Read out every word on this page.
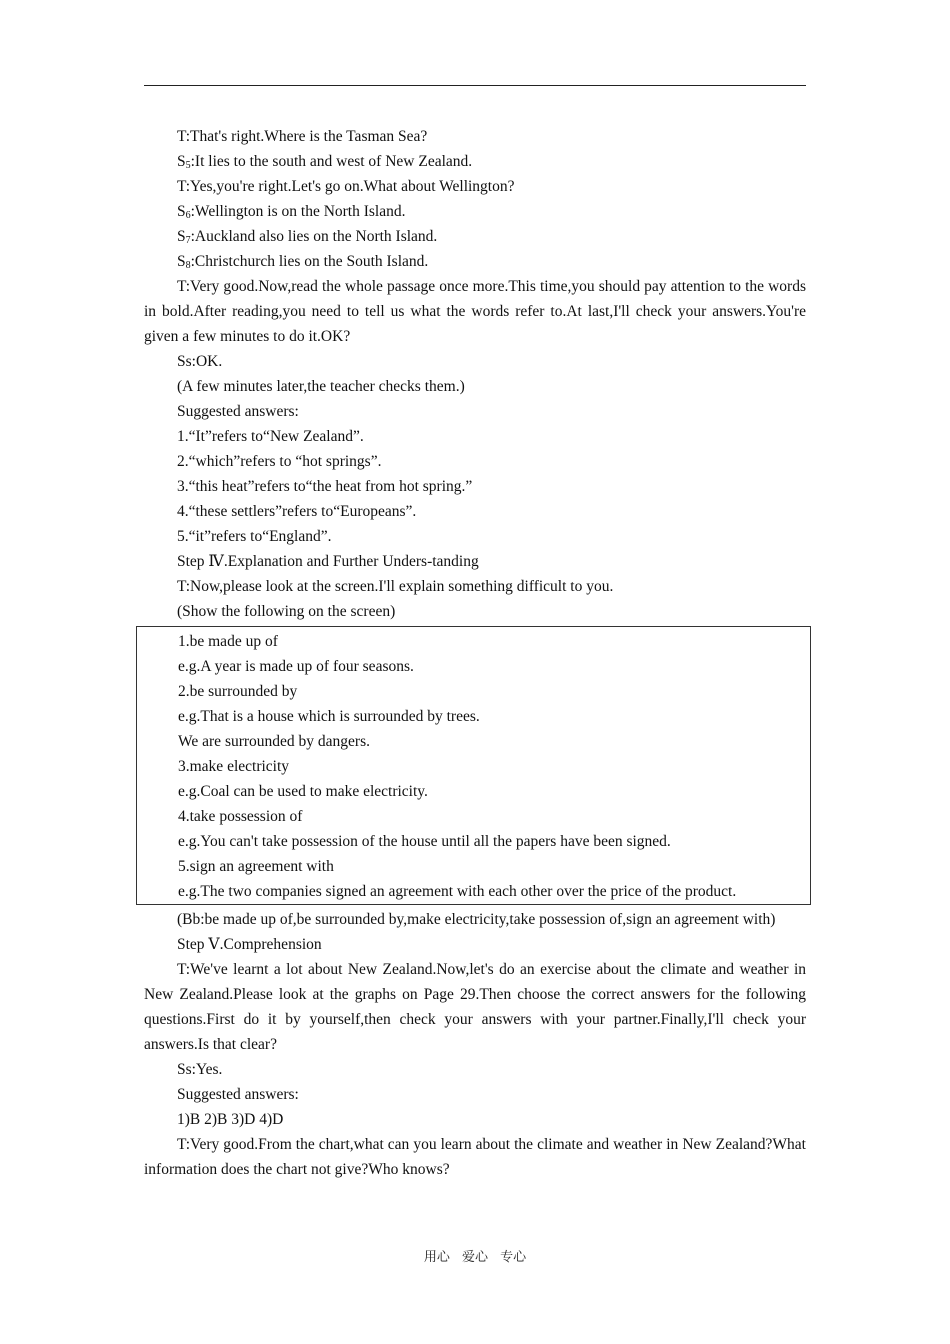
T:That's right.Where is the Tasman Sea?

$S_5:It$ lies to the south and west of New Zealand.

T:Yes,you're right.Let's go on.What about Wellington?

$S_6:Wellington$ is on the North Island.

$S_7:Auckland$ also lies on the North Island.

$S_8:Christchurch$ lies on the South Island.

T:Very good.Now,read the whole passage once more.This time,you should pay attention to the words in bold.After reading,you need to tell us what the words refer to.At last,I'll check your answers.You're given a few minutes to do it.OK?

Ss:OK.

(A few minutes later,the teacher checks them.)

Suggested answers:

1.“It”refers to“New Zealand”.

2.“which”refers to “hot springs”.

3.“this heat”refers to“the heat from hot spring.”

4.“these settlers”refers to“Europeans”.

5.“it”refers to“England”.

Step Ⅳ.Explanation and Further Unders-tanding

T:Now,please look at the screen.I'll explain something difficult to you.

(Show the following on the screen)

1.be made up of

e.g.A year is made up of four seasons.

2.be surrounded by

e.g.That is a house which is surrounded by trees.

We are surrounded by dangers.

3.make electricity

e.g.Coal can be used to make electricity.

4.take possession of

e.g.You can't take possession of the house until all the papers have been signed.

5.sign an agreement with

e.g.The two companies signed an agreement with each other over the price of the product.

(Bb:be made up of,be surrounded by,make electricity,take possession of,sign an agreement with)

Step Ⅴ.Comprehension

T:We've learnt a lot about New Zealand.Now,let's do an exercise about the climate and weather in New Zealand.Please look at the graphs on Page 29.Then choose the correct answers for the following questions.First do it by yourself,then check your answers with your partner.Finally,I'll check your answers.Is that clear?

Ss:Yes.

Suggested answers:

1)B 2)B 3)D 4)D

T:Very good.From the chart,what can you learn about the climate and weather in New Zealand?What information does the chart not give?Who knows?

用心 爱心 专心
